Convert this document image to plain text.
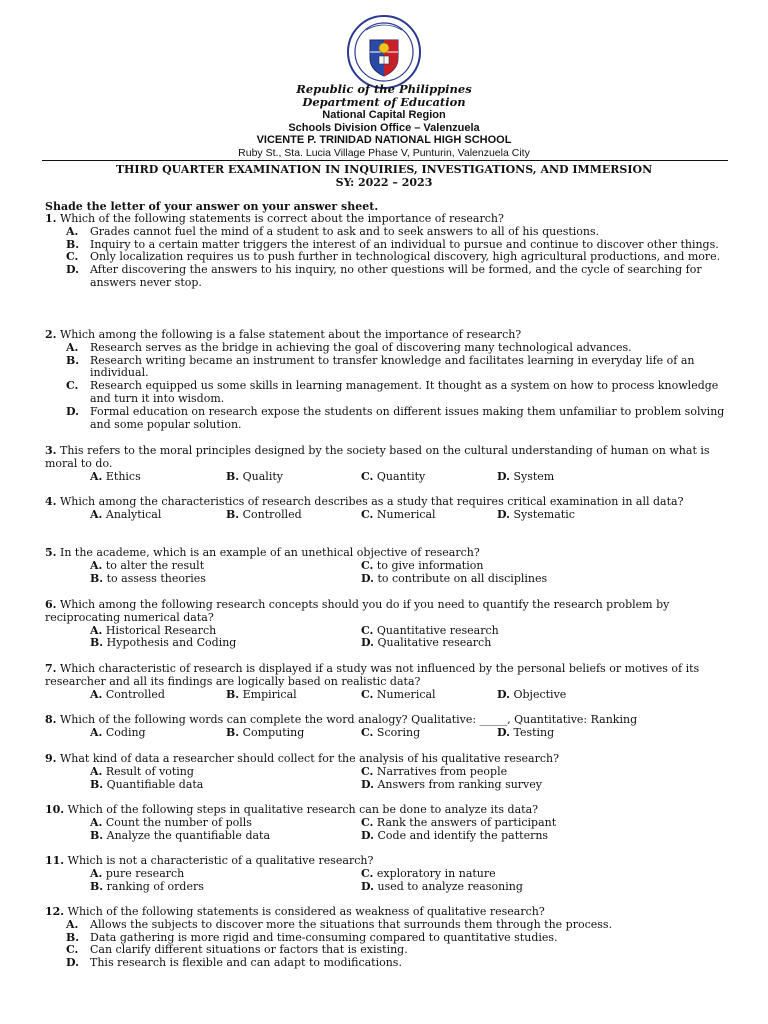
Republic of the Philippines
Department of Education
National Capital Region
Schools Division Office – Valenzuela
VICENTE P. TRINIDAD NATIONAL HIGH SCHOOL
Ruby St., Sta. Lucia Village Phase V, Punturin, Valenzuela City
THIRD QUARTER EXAMINATION IN INQUIRIES, INVESTIGATIONS, AND IMMERSION
SY: 2022 – 2023
Shade the letter of your answer on your answer sheet.

1. Which of the following statements is correct about the importance of research?

A. Grades cannot fuel the mind of a student to ask and to seek answers to all of his questions.

B. Inquiry to a certain matter triggers the interest of an individual to pursue and continue to discover other things.

C. Only localization requires us to push further in technological discovery, high agricultural productions, and more.

D. After discovering the answers to his inquiry, no other questions will be formed, and the cycle of searching for answers never stop.

2. Which among the following is a false statement about the importance of research?

A. Research serves as the bridge in achieving the goal of discovering many technological advances.

B. Research writing became an instrument to transfer knowledge and facilitates learning in everyday life of an individual.

C. Research equipped us some skills in learning management. It thought as a system on how to process knowledge and turn it into wisdom.

D. Formal education on research expose the students on different issues making them unfamiliar to problem solving and some popular solution.

3. This refers to the moral principles designed by the society based on the cultural understanding of human on what is moral to do.

A. Ethics	B. Quality	C. Quantity	D. System

4. Which among the characteristics of research describes as a study that requires critical examination in all data?

A. Analytical	B. Controlled	C. Numerical	D. Systematic

5. In the academe, which is an example of an unethical objective of research?

A. to alter the result	C. to give information
B. to assess theories	D. to contribute on all disciplines

6. Which among the following research concepts should you do if you need to quantify the research problem by reciprocating numerical data?

A. Historical Research	C. Quantitative research
B. Hypothesis and Coding	D. Qualitative research

7. Which characteristic of research is displayed if a study was not influenced by the personal beliefs or motives of its researcher and all its findings are logically based on realistic data?

A. Controlled	B. Empirical	C. Numerical	D. Objective

8. Which of the following words can complete the word analogy? Qualitative: _____, Quantitative: Ranking

A. Coding	B. Computing	C. Scoring	D. Testing

9. What kind of data a researcher should collect for the analysis of his qualitative research?

A. Result of voting	C. Narratives from people
B. Quantifiable data	D. Answers from ranking survey

10. Which of the following steps in qualitative research can be done to analyze its data?

A. Count the number of polls	C. Rank the answers of participant
B. Analyze the quantifiable data	D. Code and identify the patterns

11. Which is not a characteristic of a qualitative research?

A. pure research	C. exploratory in nature
B. ranking of orders	D. used to analyze reasoning

12. Which of the following statements is considered as weakness of qualitative research?

A. Allows the subjects to discover more the situations that surrounds them through the process.

B. Data gathering is more rigid and time-consuming compared to quantitative studies.

C. Can clarify different situations or factors that is existing.

D. This research is flexible and can adapt to modifications.
